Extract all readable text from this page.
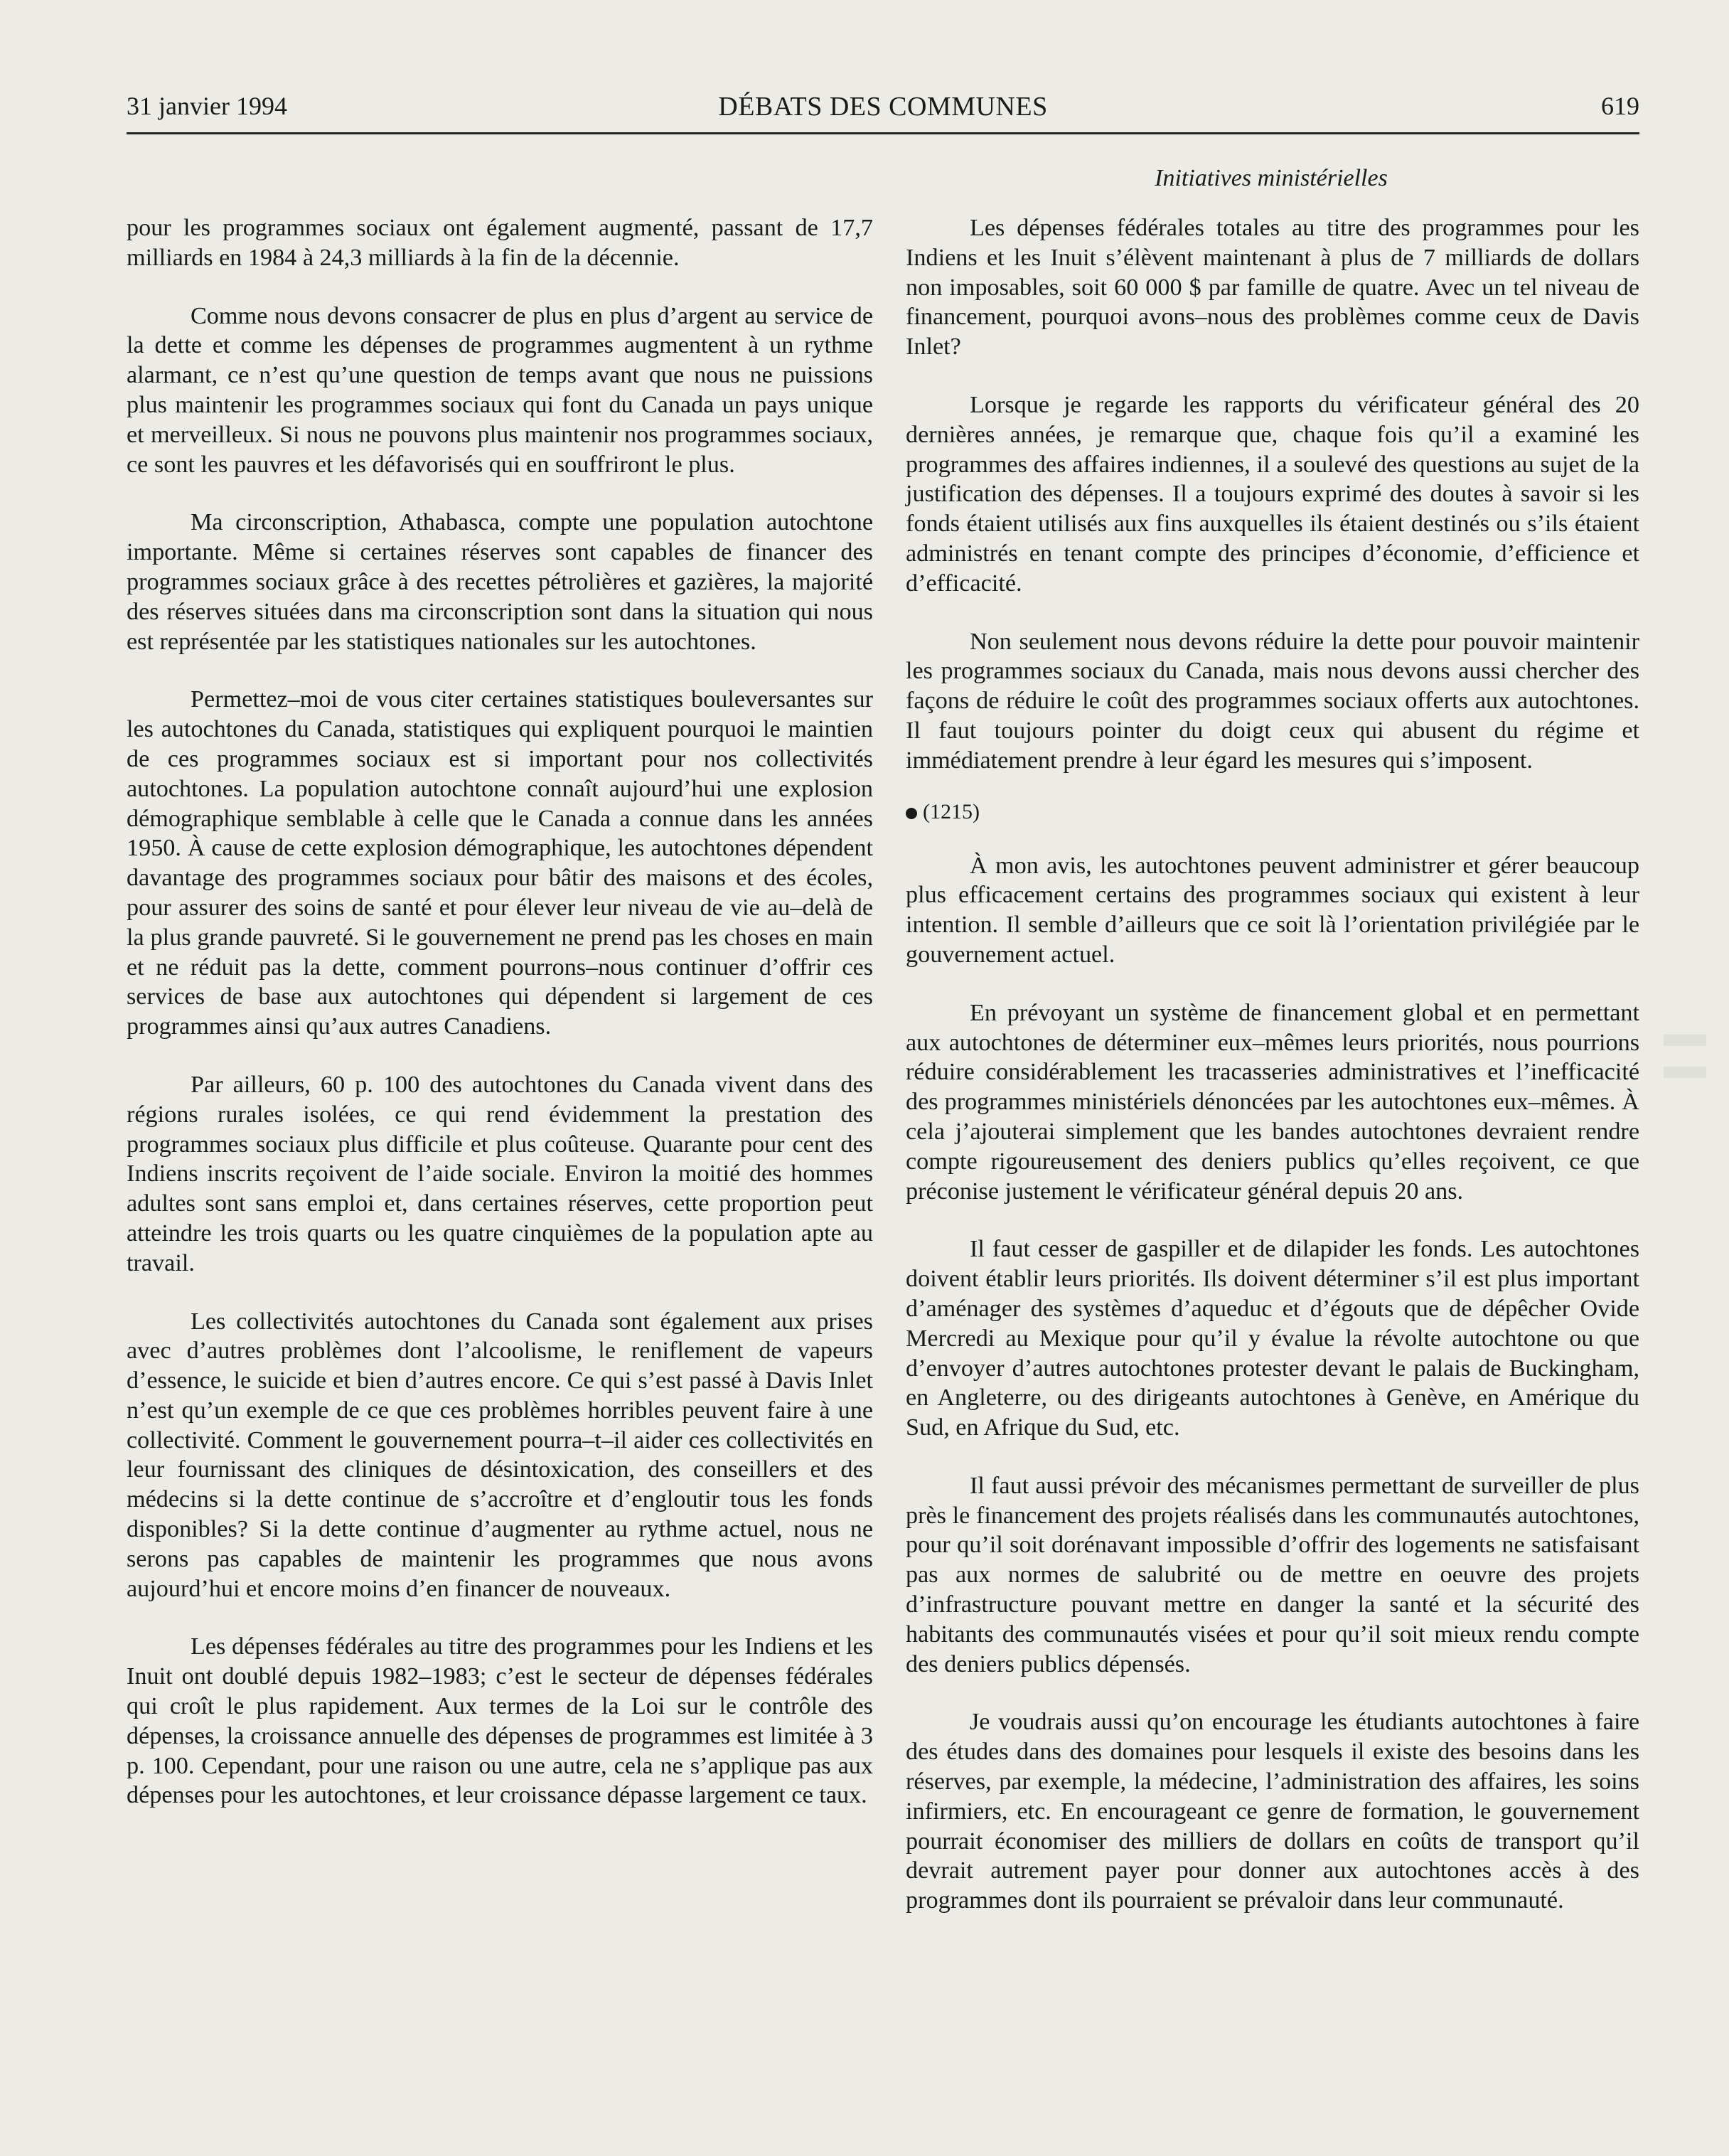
31 janvier 1994	DÉBATS DES COMMUNES	619
Initiatives ministérielles

pour les programmes sociaux ont également augmenté, passant de 17,7 milliards en 1984 à 24,3 milliards à la fin de la décennie.

Comme nous devons consacrer de plus en plus d’argent au service de la dette et comme les dépenses de programmes augmentent à un rythme alarmant, ce n’est qu’une question de temps avant que nous ne puissions plus maintenir les programmes sociaux qui font du Canada un pays unique et merveilleux. Si nous ne pouvons plus maintenir nos programmes sociaux, ce sont les pauvres et les défavorisés qui en souffriront le plus.

Ma circonscription, Athabasca, compte une population autochtone importante. Même si certaines réserves sont capables de financer des programmes sociaux grâce à des recettes pétrolières et gazières, la majorité des réserves situées dans ma circonscription sont dans la situation qui nous est représentée par les statistiques nationales sur les autochtones.

Permettez–moi de vous citer certaines statistiques bouleversantes sur les autochtones du Canada, statistiques qui expliquent pourquoi le maintien de ces programmes sociaux est si important pour nos collectivités autochtones. La population autochtone connaît aujourd’hui une explosion démographique semblable à celle que le Canada a connue dans les années 1950. À cause de cette explosion démographique, les autochtones dépendent davantage des programmes sociaux pour bâtir des maisons et des écoles, pour assurer des soins de santé et pour élever leur niveau de vie au–delà de la plus grande pauvreté. Si le gouvernement ne prend pas les choses en main et ne réduit pas la dette, comment pourrons–nous continuer d’offrir ces services de base aux autochtones qui dépendent si largement de ces programmes ainsi qu’aux autres Canadiens.

Par ailleurs, 60 p. 100 des autochtones du Canada vivent dans des régions rurales isolées, ce qui rend évidemment la prestation des programmes sociaux plus difficile et plus coûteuse. Quarante pour cent des Indiens inscrits reçoivent de l’aide sociale. Environ la moitié des hommes adultes sont sans emploi et, dans certaines réserves, cette proportion peut atteindre les trois quarts ou les quatre cinquièmes de la population apte au travail.

Les collectivités autochtones du Canada sont également aux prises avec d’autres problèmes dont l’alcoolisme, le reniflement de vapeurs d’essence, le suicide et bien d’autres encore. Ce qui s’est passé à Davis Inlet n’est qu’un exemple de ce que ces problèmes horribles peuvent faire à une collectivité. Comment le gouvernement pourra–t–il aider ces collectivités en leur fournissant des cliniques de désintoxication, des conseillers et des médecins si la dette continue de s’accroître et d’engloutir tous les fonds disponibles? Si la dette continue d’augmenter au rythme actuel, nous ne serons pas capables de maintenir les programmes que nous avons aujourd’hui et encore moins d’en financer de nouveaux.

Les dépenses fédérales au titre des programmes pour les Indiens et les Inuit ont doublé depuis 1982–1983; c’est le secteur de dépenses fédérales qui croît le plus rapidement. Aux termes de la Loi sur le contrôle des dépenses, la croissance annuelle des dépenses de programmes est limitée à 3 p. 100. Cependant, pour une raison ou une autre, cela ne s’applique pas aux dépenses pour les autochtones, et leur croissance dépasse largement ce taux.

Les dépenses fédérales totales au titre des programmes pour les Indiens et les Inuit s’élèvent maintenant à plus de 7 milliards de dollars non imposables, soit 60 000 $ par famille de quatre. Avec un tel niveau de financement, pourquoi avons–nous des problèmes comme ceux de Davis Inlet?

Lorsque je regarde les rapports du vérificateur général des 20 dernières années, je remarque que, chaque fois qu’il a examiné les programmes des affaires indiennes, il a soulevé des questions au sujet de la justification des dépenses. Il a toujours exprimé des doutes à savoir si les fonds étaient utilisés aux fins auxquelles ils étaient destinés ou s’ils étaient administrés en tenant compte des principes d’économie, d’efficience et d’efficacité.

Non seulement nous devons réduire la dette pour pouvoir maintenir les programmes sociaux du Canada, mais nous devons aussi chercher des façons de réduire le coût des programmes sociaux offerts aux autochtones. Il faut toujours pointer du doigt ceux qui abusent du régime et immédiatement prendre à leur égard les mesures qui s’imposent.

(1215)

À mon avis, les autochtones peuvent administrer et gérer beaucoup plus efficacement certains des programmes sociaux qui existent à leur intention. Il semble d’ailleurs que ce soit là l’orientation privilégiée par le gouvernement actuel.

En prévoyant un système de financement global et en permettant aux autochtones de déterminer eux–mêmes leurs priorités, nous pourrions réduire considérablement les tracasseries administratives et l’inefficacité des programmes ministériels dénoncées par les autochtones eux–mêmes. À cela j’ajouterai simplement que les bandes autochtones devraient rendre compte rigoureusement des deniers publics qu’elles reçoivent, ce que préconise justement le vérificateur général depuis 20 ans.

Il faut cesser de gaspiller et de dilapider les fonds. Les autochtones doivent établir leurs priorités. Ils doivent déterminer s’il est plus important d’aménager des systèmes d’aqueduc et d’égouts que de dépêcher Ovide Mercredi au Mexique pour qu’il y évalue la révolte autochtone ou que d’envoyer d’autres autochtones protester devant le palais de Buckingham, en Angleterre, ou des dirigeants autochtones à Genève, en Amérique du Sud, en Afrique du Sud, etc.

Il faut aussi prévoir des mécanismes permettant de surveiller de plus près le financement des projets réalisés dans les communautés autochtones, pour qu’il soit dorénavant impossible d’offrir des logements ne satisfaisant pas aux normes de salubrité ou de mettre en oeuvre des projets d’infrastructure pouvant mettre en danger la santé et la sécurité des habitants des communautés visées et pour qu’il soit mieux rendu compte des deniers publics dépensés.

Je voudrais aussi qu’on encourage les étudiants autochtones à faire des études dans des domaines pour lesquels il existe des besoins dans les réserves, par exemple, la médecine, l’administration des affaires, les soins infirmiers, etc. En encourageant ce genre de formation, le gouvernement pourrait économiser des milliers de dollars en coûts de transport qu’il devrait autrement payer pour donner aux autochtones accès à des programmes dont ils pourraient se prévaloir dans leur communauté.
